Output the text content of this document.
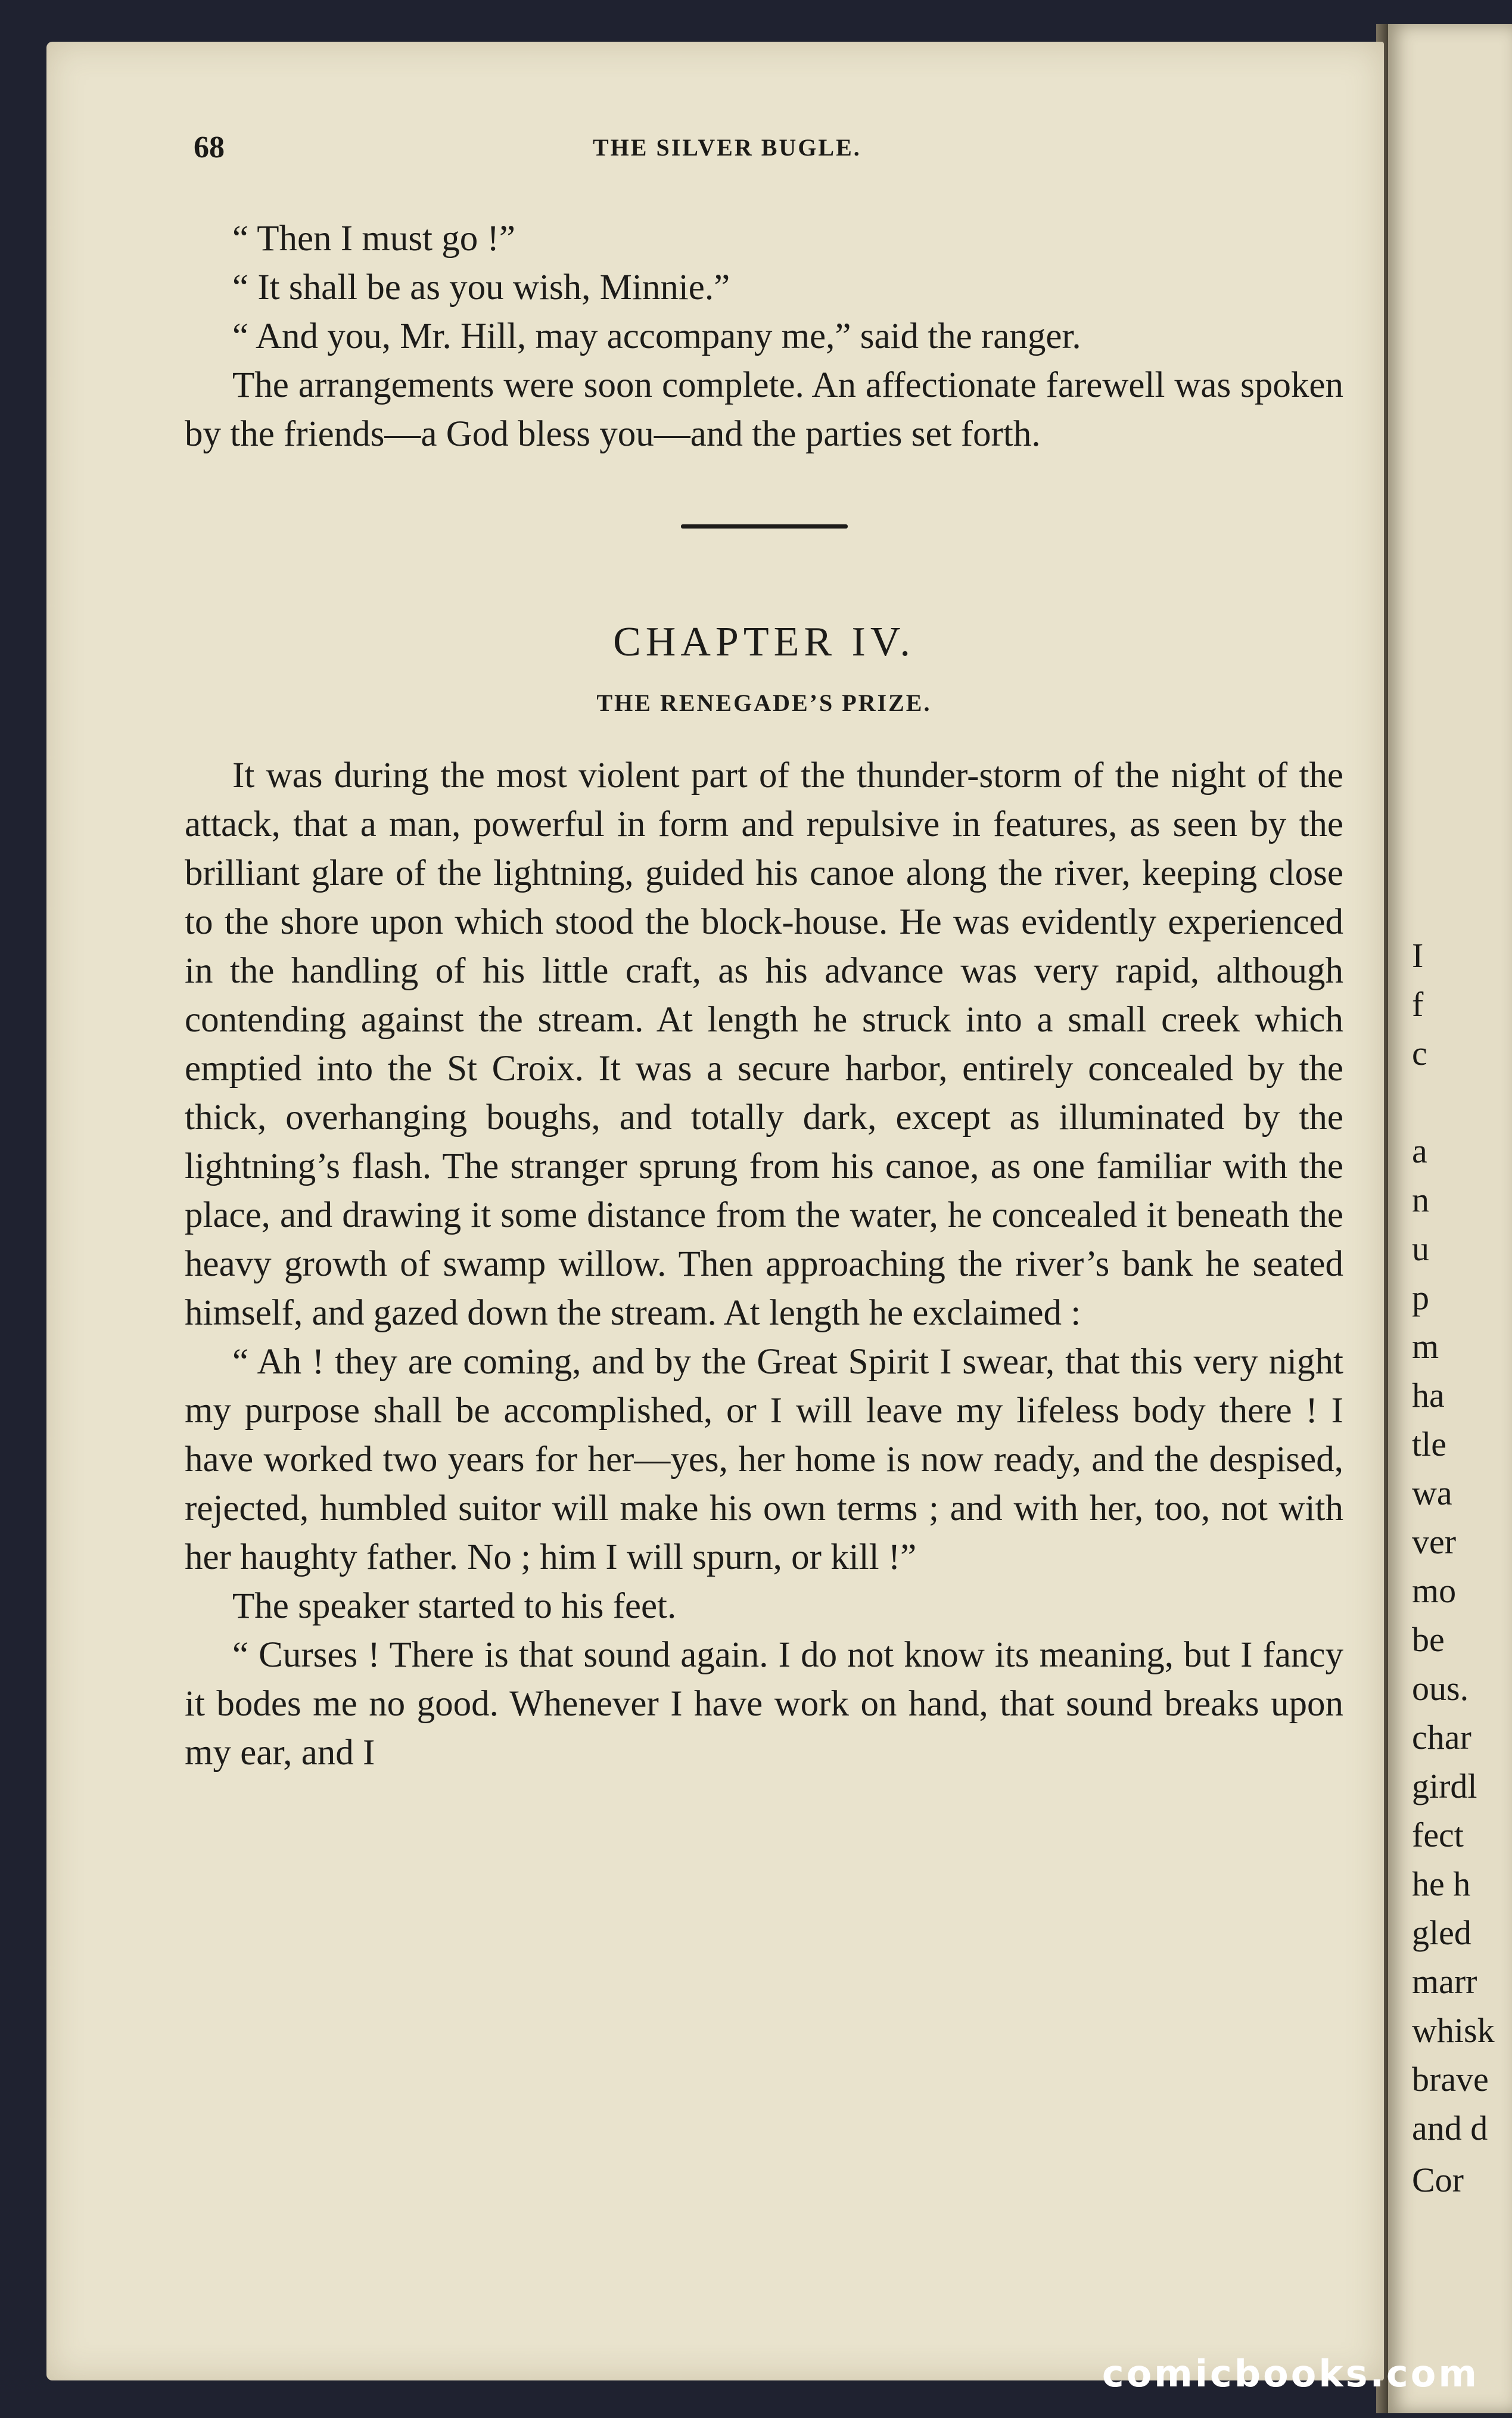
I
f
c
a
n
u
p
m
ha
tle
wa
ver
mo
be
ous.
char
girdl
fect
he h
gled
marr
whisk
brave
and d
Cor
68	THE SILVER BUGLE.
“ Then I must go !”
“ It shall be as you wish, Minnie.”

“ And you, Mr. Hill, may accompany me,” said the ranger.

The arrangements were soon complete. An affectionate farewell was spoken by the friends—a God bless you—and the parties set forth.

CHAPTER IV.
THE RENEGADE’S PRIZE.

It was during the most violent part of the thunder-storm of the night of the attack, that a man, powerful in form and repulsive in features, as seen by the brilliant glare of the lightning, guided his canoe along the river, keeping close to the shore upon which stood the block-house. He was evidently experienced in the handling of his little craft, as his advance was very rapid, although contending against the stream. At length he struck into a small creek which emptied into the St Croix. It was a secure harbor, entirely concealed by the thick, overhanging boughs, and totally dark, except as illuminated by the lightning’s flash. The stranger sprung from his canoe, as one familiar with the place, and drawing it some distance from the water, he concealed it beneath the heavy growth of swamp willow. Then approaching the river’s bank he seated himself, and gazed down the stream. At length he exclaimed :

“ Ah ! they are coming, and by the Great Spirit I swear, that this very night my purpose shall be accomplished, or I will leave my lifeless body there ! I have worked two years for her—yes, her home is now ready, and the despised, rejected, humbled suitor will make his own terms ; and with her, too, not with her haughty father. No ; him I will spurn, or kill !”

The speaker started to his feet.

“ Curses ! There is that sound again. I do not know its meaning, but I fancy it bodes me no good. Whenever I have work on hand, that sound breaks upon my ear, and I

comicbooks.com
